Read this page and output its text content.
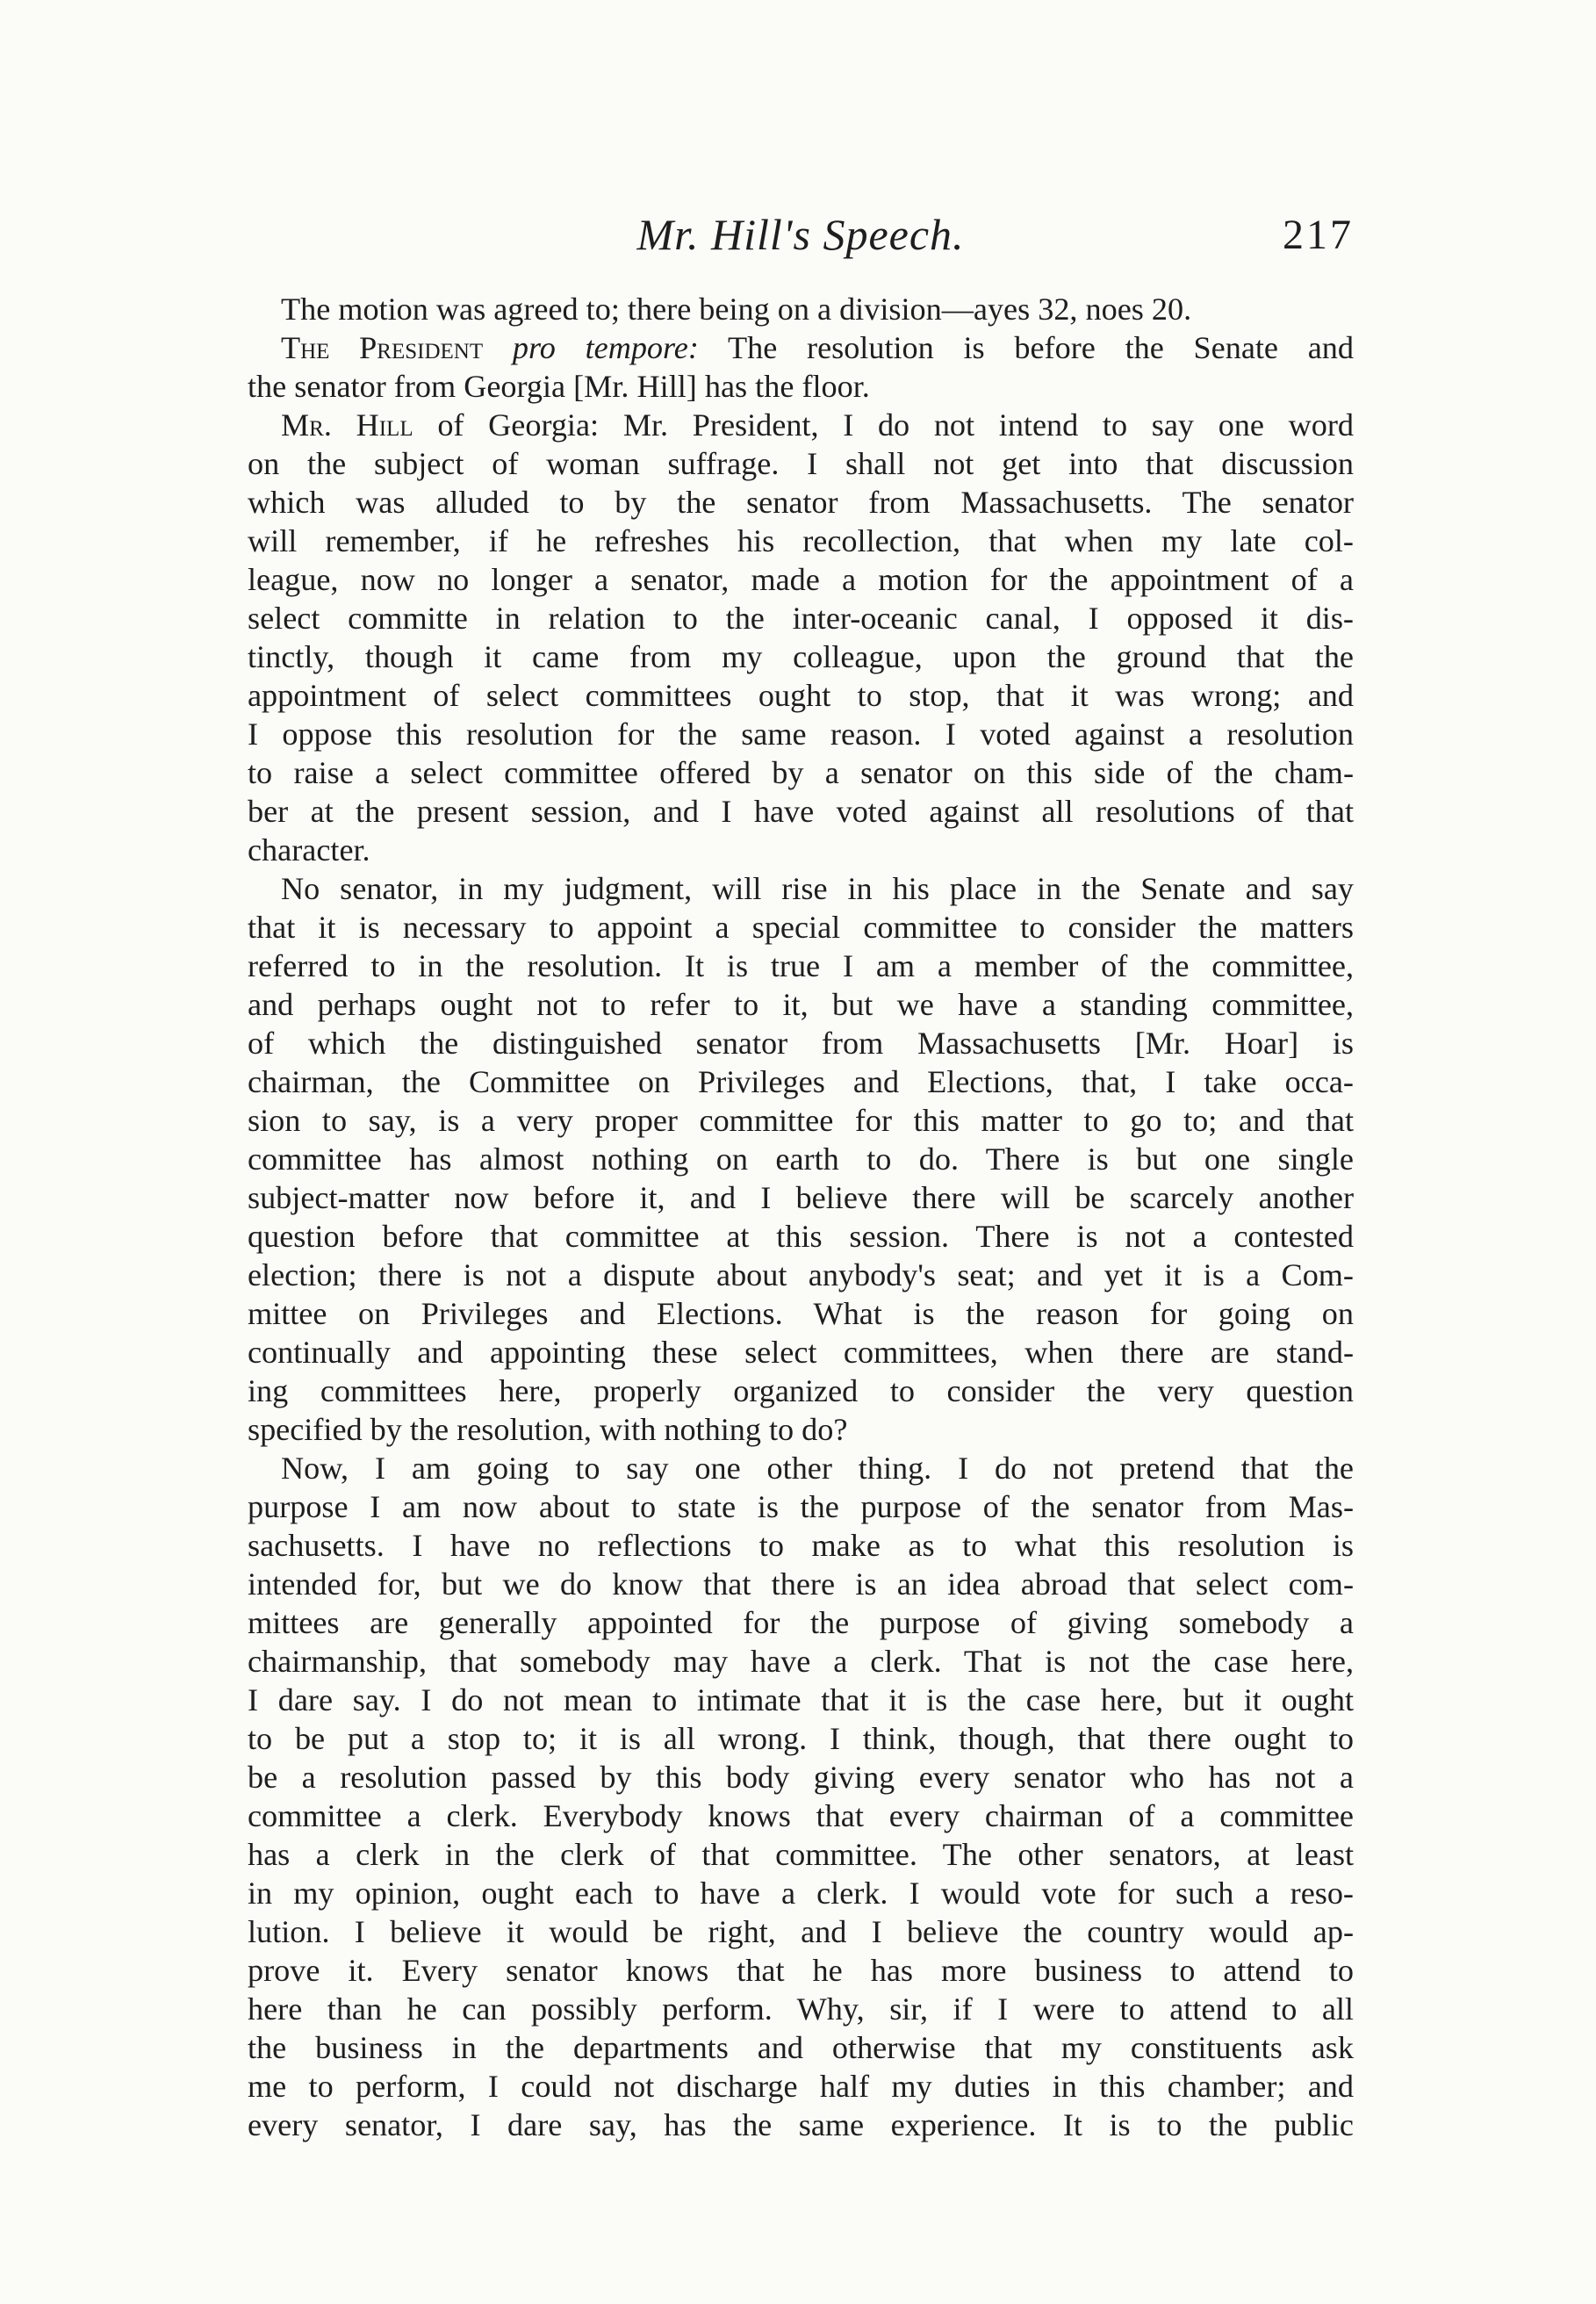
Mr. Hill's Speech.	217
The motion was agreed to; there being on a division—ayes 32, noes 20.
The President pro tempore: The resolution is before the Senate and
the senator from Georgia [Mr. Hill] has the floor.
Mr. Hill of Georgia: Mr. President, I do not intend to say one word
on the subject of woman suffrage. I shall not get into that discussion
which was alluded to by the senator from Massachusetts. The senator
will remember, if he refreshes his recollection, that when my late col-
league, now no longer a senator, made a motion for the appointment of a
select committe in relation to the inter-oceanic canal, I opposed it dis-
tinctly, though it came from my colleague, upon the ground that the
appointment of select committees ought to stop, that it was wrong; and
I oppose this resolution for the same reason. I voted against a resolution
to raise a select committee offered by a senator on this side of the cham-
ber at the present session, and I have voted against all resolutions of that
character.
No senator, in my judgment, will rise in his place in the Senate and say
that it is necessary to appoint a special committee to consider the matters
referred to in the resolution. It is true I am a member of the committee,
and perhaps ought not to refer to it, but we have a standing committee,
of which the distinguished senator from Massachusetts [Mr. Hoar] is
chairman, the Committee on Privileges and Elections, that, I take occa-
sion to say, is a very proper committee for this matter to go to; and that
committee has almost nothing on earth to do. There is but one single
subject-matter now before it, and I believe there will be scarcely another
question before that committee at this session. There is not a contested
election; there is not a dispute about anybody's seat; and yet it is a Com-
mittee on Privileges and Elections. What is the reason for going on
continually and appointing these select committees, when there are stand-
ing committees here, properly organized to consider the very question
specified by the resolution, with nothing to do?
Now, I am going to say one other thing. I do not pretend that the
purpose I am now about to state is the purpose of the senator from Mas-
sachusetts. I have no reflections to make as to what this resolution is
intended for, but we do know that there is an idea abroad that select com-
mittees are generally appointed for the purpose of giving somebody a
chairmanship, that somebody may have a clerk. That is not the case here,
I dare say. I do not mean to intimate that it is the case here, but it ought
to be put a stop to; it is all wrong. I think, though, that there ought to
be a resolution passed by this body giving every senator who has not a
committee a clerk. Everybody knows that every chairman of a committee
has a clerk in the clerk of that committee. The other senators, at least
in my opinion, ought each to have a clerk. I would vote for such a reso-
lution. I believe it would be right, and I believe the country would ap-
prove it. Every senator knows that he has more business to attend to
here than he can possibly perform. Why, sir, if I were to attend to all
the business in the departments and otherwise that my constituents ask
me to perform, I could not discharge half my duties in this chamber; and
every senator, I dare say, has the same experience. It is to the public
